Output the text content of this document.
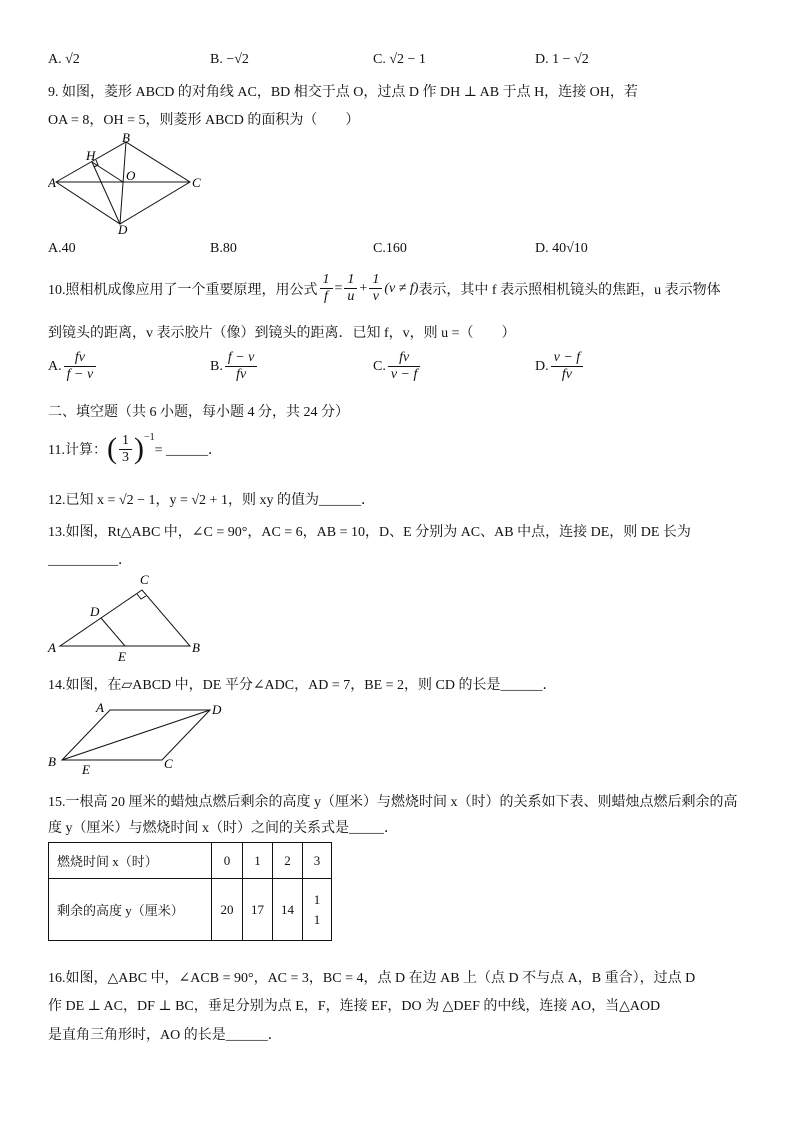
A. √2	B. −√2	C. √2 − 1	D. 1 − √2
9. 如图，菱形 ABCD 的对角线 AC，BD 相交于点 O，过点 D 作 DH ⊥ AB 于点 H，连接 OH，若
OA = 8，OH = 5，则菱形 ABCD 的面积为（　　）
A
B
C
D
H
O
A.40	B.80	C.160	D. 40√10
10.照相机成像应用了一个重要原理，用公式 $\frac{1}{f} = \frac{1}{u} + \frac{1}{v} (v \ne f)$ 表示，其中 f 表示照相机镜头的焦距，u 表示物体
到镜头的距离，v 表示胶片（像）到镜头的距离．已知 f，v，则 u =（　　）
A. $\frac{fv}{f - v}$	B. $\frac{f - v}{fv}$	C. $\frac{fv}{v - f}$	D. $\frac{v - f}{fv}$
二、填空题（共 6 小题，每小题 4 分，共 24 分）
11.计算： ( $\frac{1}{3} )^{-1}$
= ______．
12.已知 x = √2 − 1，y = √2 + 1，则 xy 的值为______．
13.如图，Rt△ABC 中，∠C = 90°，AC = 6，AB = 10，D、E 分别为 AC、AB 中点，连接 DE，则 DE 长为
__________．
A	B
C
D
E
14.如图，在▱ABCD 中，DE 平分∠ADC，AD = 7，BE = 2，则 CD 的长是______．
B
A	D
C
E
15.一根高 20 厘米的蜡烛点燃后剩余的高度 y（厘米）与燃烧时间 x（时）的关系如下表、则蜡烛点燃后剩余的高
度 y（厘米）与燃烧时间 x（时）之间的关系式是_____．
燃烧时间 x（时）	0	1	2	3
剩余的高度 y（厘米）	20	17	14	1
1
16.如图，△ABC 中，∠ACB = 90°，AC = 3，BC = 4，点 D 在边 AB 上（点 D 不与点 A，B 重合），过点 D
作 DE ⊥ AC，DF ⊥ BC，垂足分别为点 E，F，连接 EF，DO 为 △DEF 的中线，连接 AO，当△AOD
是直角三角形时，AO 的长是______．
